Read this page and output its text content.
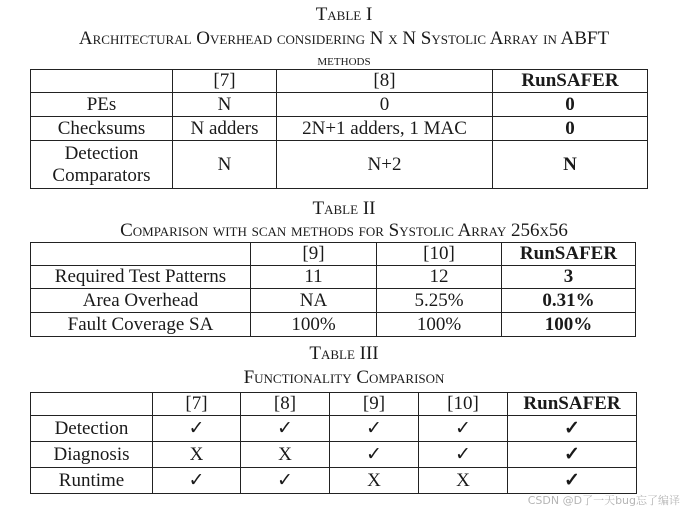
Table I
Architectural Overhead considering N x N Systolic Array in ABFT
methods
	[7]	[8]	RunSAFER
PEs	N	0	0
Checksums	N adders	2N+1 adders, 1 MAC	0
Detection Comparators	N	N+2	N
Table II
Comparison with scan methods for Systolic Array 256x56
	[9]	[10]	RunSAFER
Required Test Patterns	11	12	3
Area Overhead	NA	5.25%	0.31%
Fault Coverage SA	100%	100%	100%
Table III
Functionality Comparison
	[7]	[8]	[9]	[10]	RunSAFER
Detection	✓	✓	✓	✓	✓
Diagnosis	X	X	✓	✓	✓
Runtime	✓	✓	X	X	✓
CSDN @D了一天bug忘了编译
